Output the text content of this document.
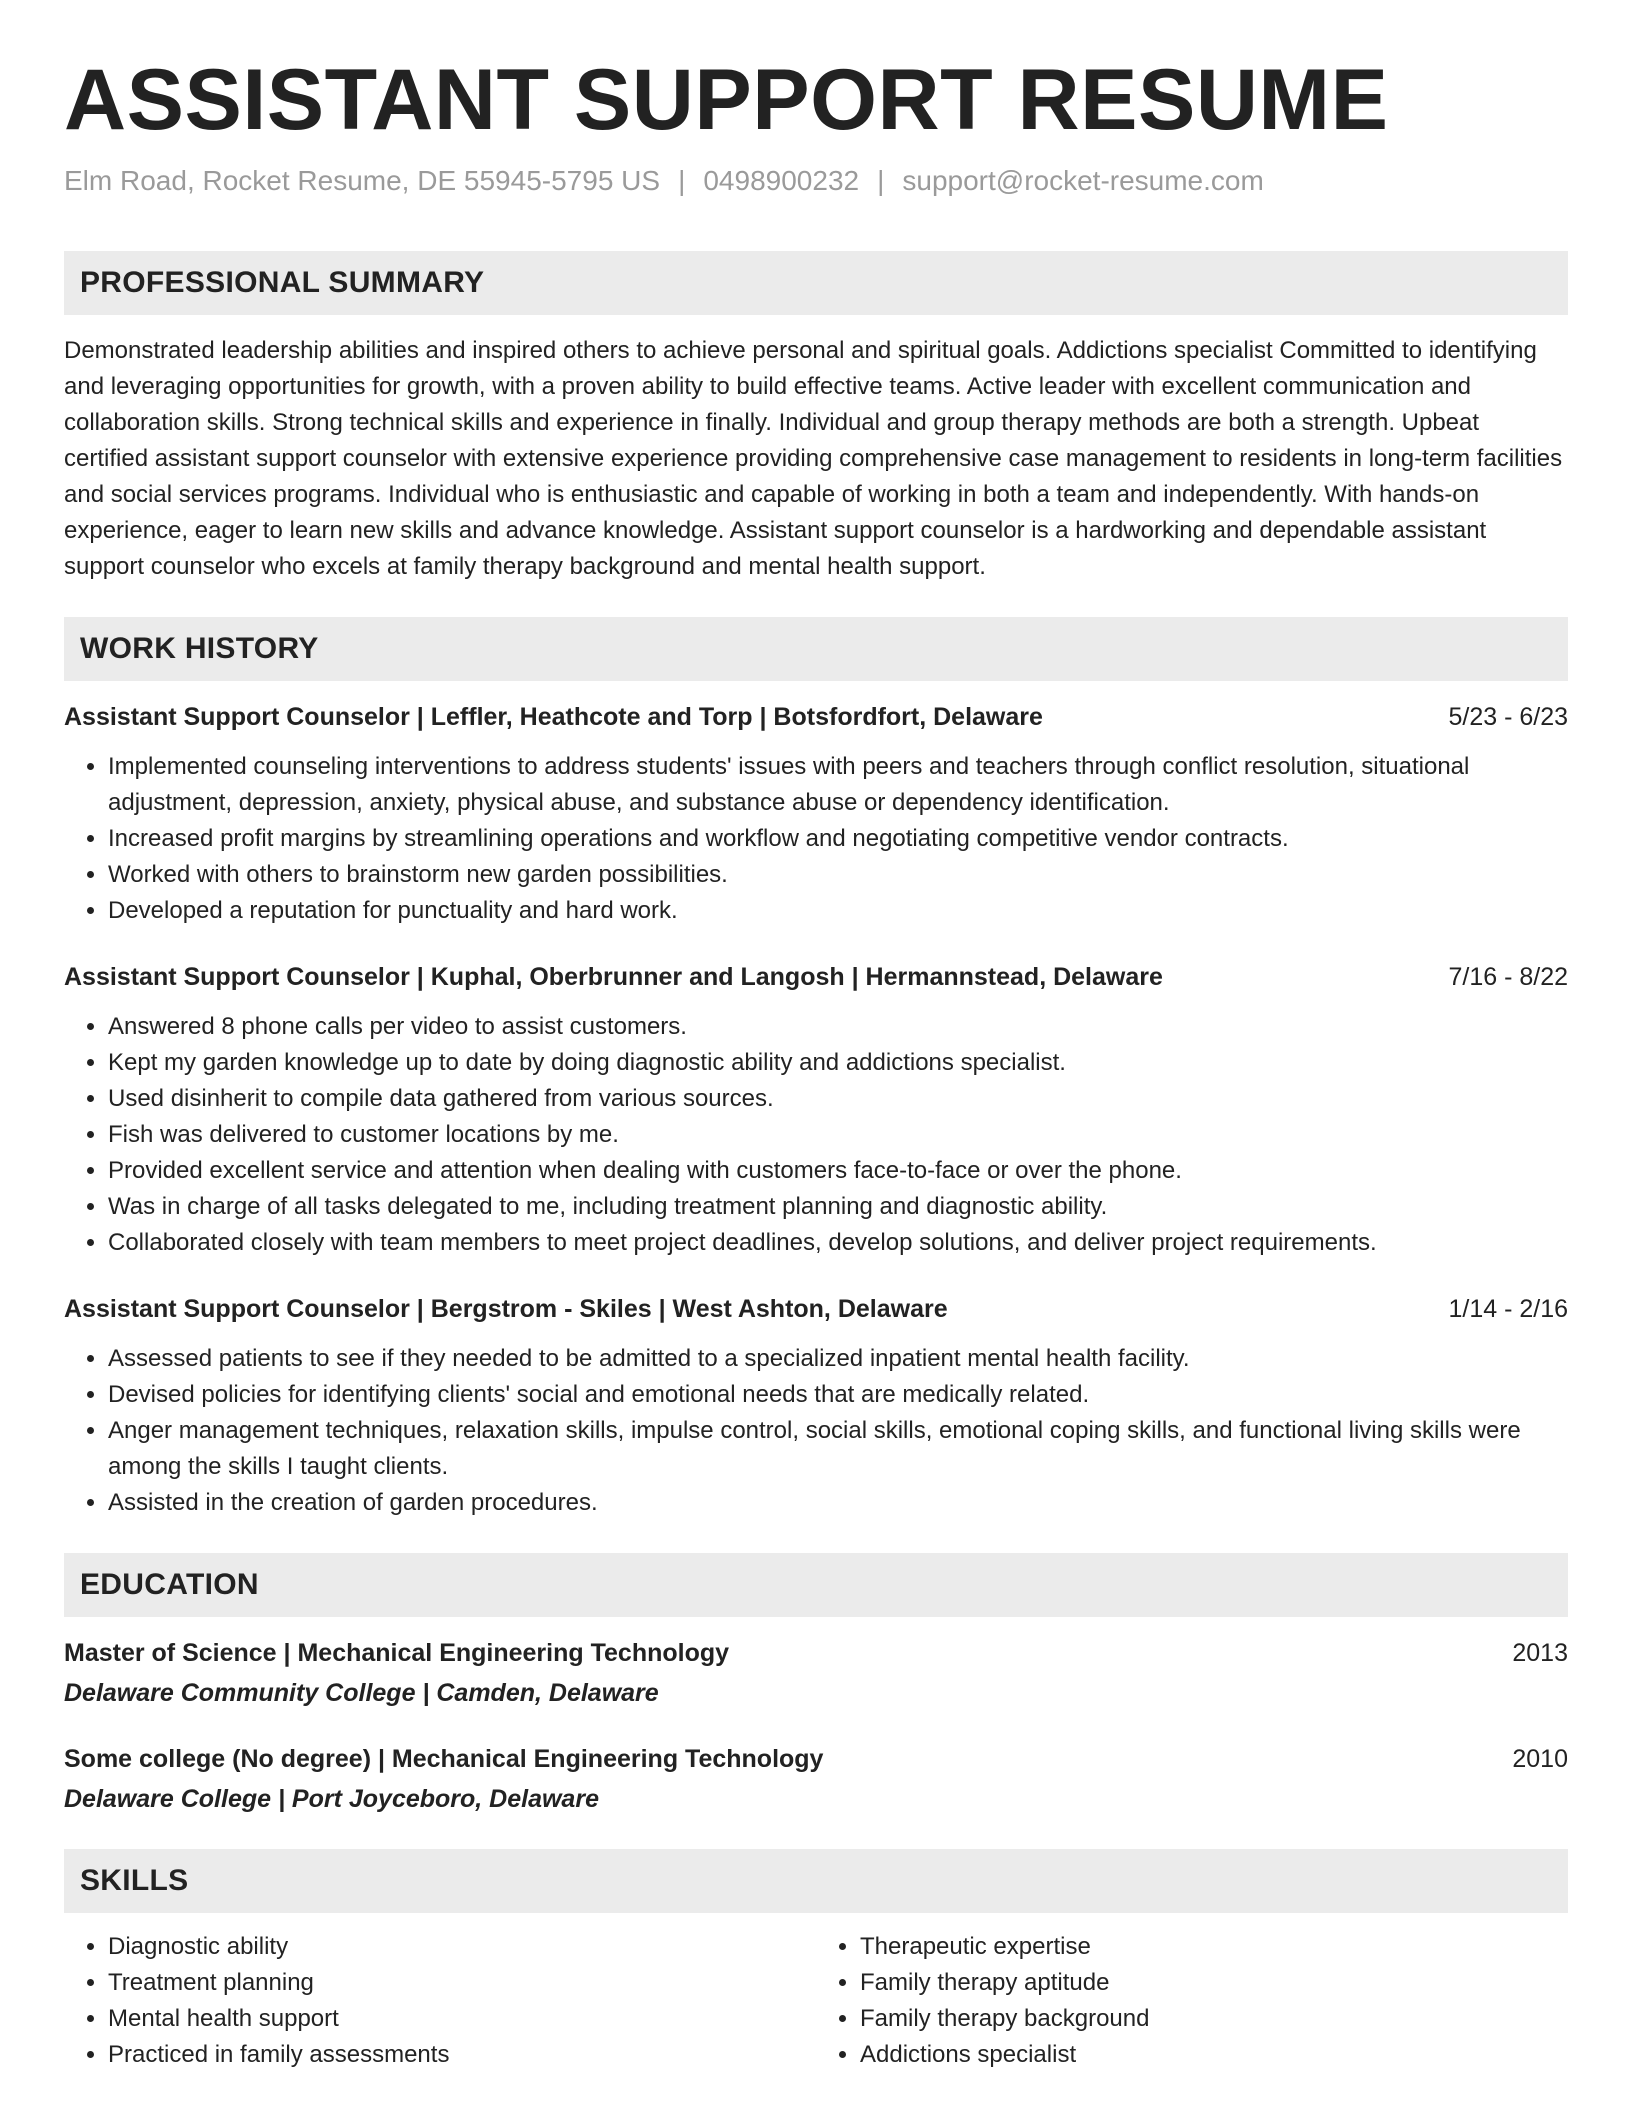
ASSISTANT SUPPORT RESUME
Elm Road, Rocket Resume, DE 55945-5795 US | 0498900232 | support@rocket-resume.com
PROFESSIONAL SUMMARY

Demonstrated leadership abilities and inspired others to achieve personal and spiritual goals. Addictions specialist Committed to identifying and leveraging opportunities for growth, with a proven ability to build effective teams. Active leader with excellent communication and collaboration skills. Strong technical skills and experience in finally. Individual and group therapy methods are both a strength. Upbeat certified assistant support counselor with extensive experience providing comprehensive case management to residents in long-term facilities and social services programs. Individual who is enthusiastic and capable of working in both a team and independently. With hands-on experience, eager to learn new skills and advance knowledge. Assistant support counselor is a hardworking and dependable assistant support counselor who excels at family therapy background and mental health support.

WORK HISTORY
Assistant Support Counselor | Leffler, Heathcote and Torp | Botsfordfort, Delaware	5/23 - 6/23
• Implemented counseling interventions to address students' issues with peers and teachers through conflict resolution, situational adjustment, depression, anxiety, physical abuse, and substance abuse or dependency identification.
• Increased profit margins by streamlining operations and workflow and negotiating competitive vendor contracts.
• Worked with others to brainstorm new garden possibilities.
• Developed a reputation for punctuality and hard work.
Assistant Support Counselor | Kuphal, Oberbrunner and Langosh | Hermannstead, Delaware	7/16 - 8/22
• Answered 8 phone calls per video to assist customers.
• Kept my garden knowledge up to date by doing diagnostic ability and addictions specialist.
• Used disinherit to compile data gathered from various sources.
• Fish was delivered to customer locations by me.
• Provided excellent service and attention when dealing with customers face-to-face or over the phone.
• Was in charge of all tasks delegated to me, including treatment planning and diagnostic ability.
• Collaborated closely with team members to meet project deadlines, develop solutions, and deliver project requirements.
Assistant Support Counselor | Bergstrom - Skiles | West Ashton, Delaware	1/14 - 2/16
• Assessed patients to see if they needed to be admitted to a specialized inpatient mental health facility.
• Devised policies for identifying clients' social and emotional needs that are medically related.
• Anger management techniques, relaxation skills, impulse control, social skills, emotional coping skills, and functional living skills were among the skills I taught clients.
• Assisted in the creation of garden procedures.
EDUCATION
Master of Science | Mechanical Engineering Technology	2013
Delaware Community College | Camden, Delaware
Some college (No degree) | Mechanical Engineering Technology	2010
Delaware College | Port Joyceboro, Delaware
SKILLS
• Diagnostic ability
• Treatment planning
• Mental health support
• Practiced in family assessments
• Therapeutic expertise
• Family therapy aptitude
• Family therapy background
• Addictions specialist
